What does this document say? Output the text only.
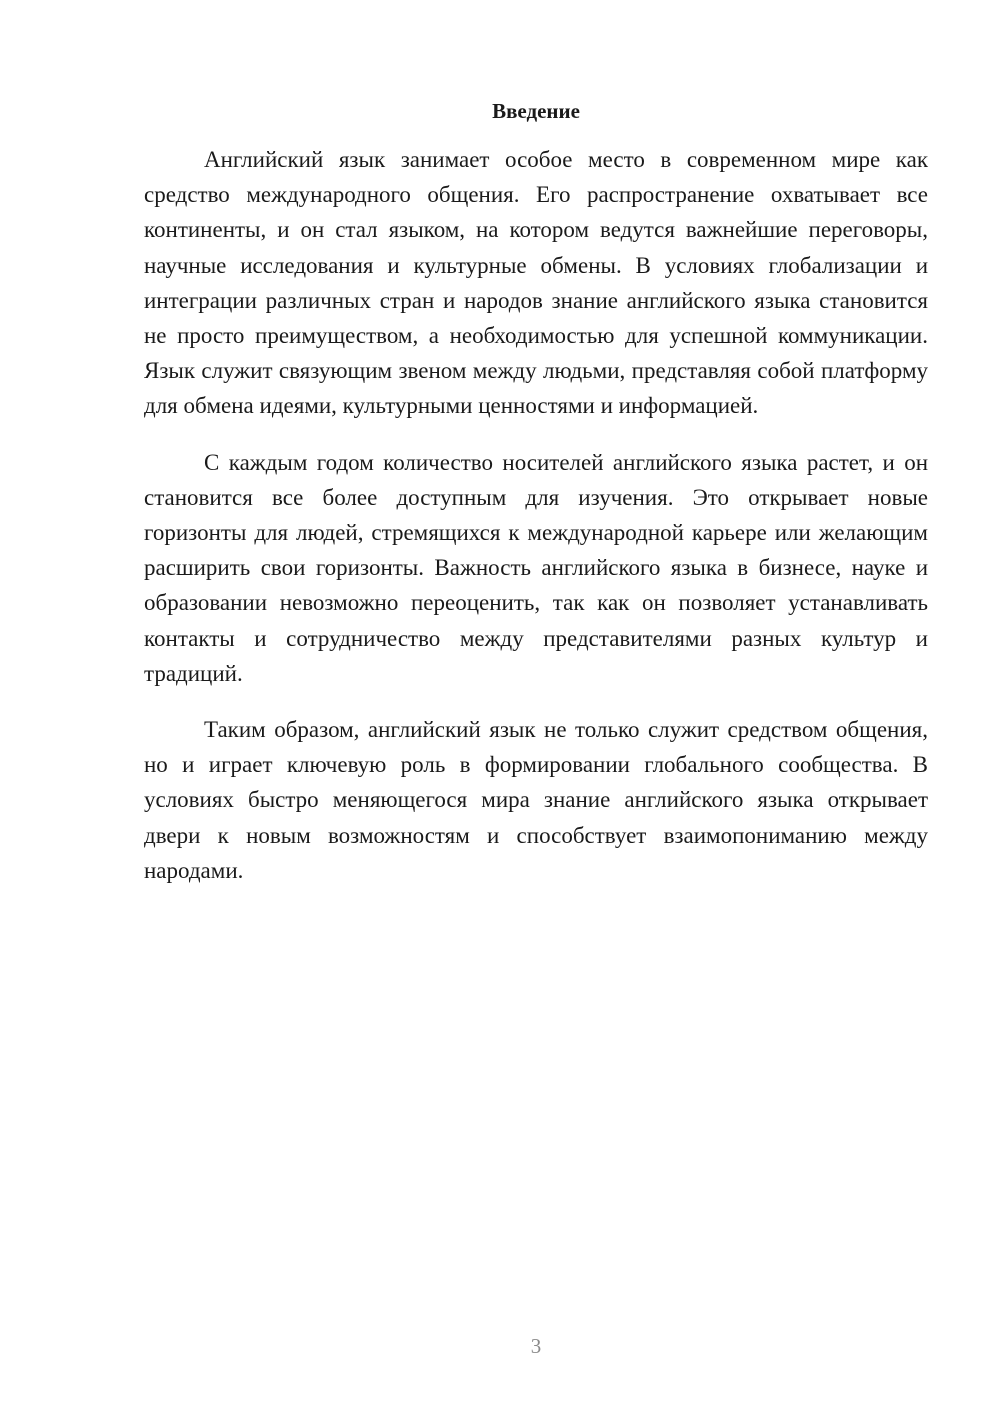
Введение

Английский язык занимает особое место в современном мире как средство международного общения. Его распространение охватывает все континенты, и он стал языком, на котором ведутся важнейшие переговоры, научные исследования и культурные обмены. В условиях глобализации и интеграции различных стран и народов знание английского языка становится не просто преимуществом, а необходимостью для успешной коммуникации. Язык служит связующим звеном между людьми, представляя собой платформу для обмена идеями, культурными ценностями и информацией.

С каждым годом количество носителей английского языка растет, и он становится все более доступным для изучения. Это открывает новые горизонты для людей, стремящихся к международной карьере или желающим расширить свои горизонты. Важность английского языка в бизнесе, науке и образовании невозможно переоценить, так как он позволяет устанавливать контакты и сотрудничество между представителями разных культур и традиций.

Таким образом, английский язык не только служит средством общения, но и играет ключевую роль в формировании глобального сообщества. В условиях быстро меняющегося мира знание английского языка открывает двери к новым возможностям и способствует взаимопониманию между народами.

3
